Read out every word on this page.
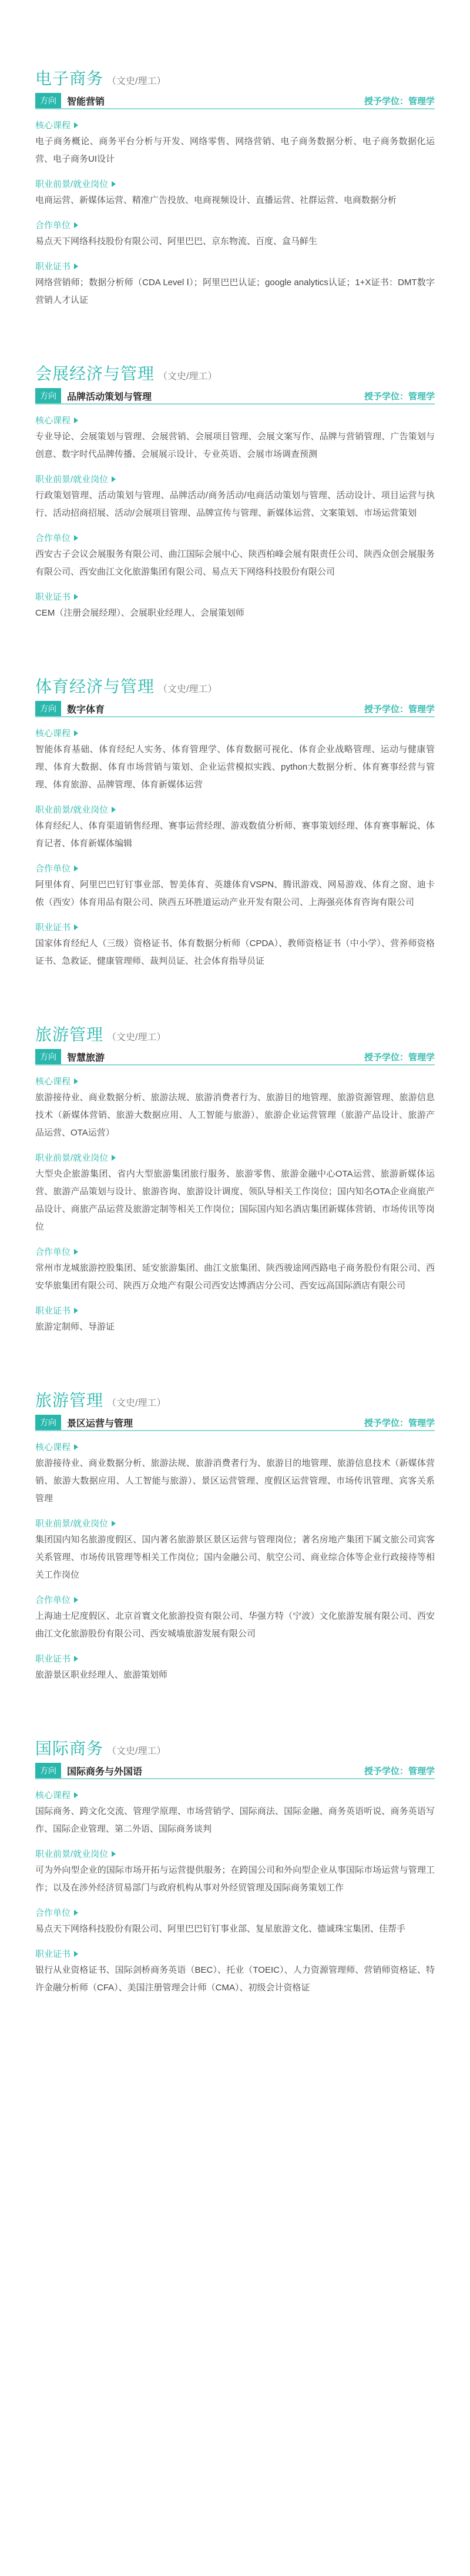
电子商务 （文史/理工）
方向	智能营销	授予学位：管理学
核心课程
电子商务概论、商务平台分析与开发、网络零售、网络营销、电子商务数据分析、电子商务数据化运营、电子商务UI设计
职业前景/就业岗位
电商运营、新媒体运营、精准广告投放、电商视频设计、直播运营、社群运营、电商数据分析
合作单位
易点天下网络科技股份有限公司、阿里巴巴、京东物流、百度、盒马鲜生
职业证书
网络营销师；数据分析师（CDA Level Ⅰ）；阿里巴巴认证；google analytics认证；1+X证书：DMT数字营销人才认证
会展经济与管理 （文史/理工）
方向	品牌活动策划与管理	授予学位：管理学
核心课程
专业导论、会展策划与管理、会展营销、会展项目管理、会展文案写作、品牌与营销管理、广告策划与创意、数字时代品牌传播、会展展示设计、专业英语、会展市场调查预测
职业前景/就业岗位
行政策划管理、活动策划与管理、品牌活动/商务活动/电商活动策划与管理、活动设计、项目运营与执行、活动招商招展、活动/会展项目管理、品牌宣传与管理、新媒体运营、文案策划、市场运营策划
合作单位
西安古子会议会展服务有限公司、曲江国际会展中心、陕西柏峰会展有限责任公司、陕西众创会展服务有限公司、西安曲江文化旅游集团有限公司、易点天下网络科技股份有限公司
职业证书
CEM（注册会展经理）、会展职业经理人、会展策划师
体育经济与管理 （文史/理工）
方向	数字体育	授予学位：管理学
核心课程
智能体育基础、体育经纪人实务、体育管理学、体育数据可视化、体育企业战略管理、运动与健康管理、体育大数据、体育市场营销与策划、企业运营模拟实践、python大数据分析、体育赛事经营与管理、体育旅游、品牌管理、体育新媒体运营
职业前景/就业岗位
体育经纪人、体育渠道销售经理、赛事运营经理、游戏数值分析师、赛事策划经理、体育赛事解说、体育记者、体育新媒体编辑
合作单位
阿里体育、阿里巴巴钉钉事业部、智美体育、英雄体育VSPN、腾讯游戏、网易游戏、体育之窗、迪卡侬（西安）体育用品有限公司、陕西五环胜道运动产业开发有限公司、上海强亮体育咨询有限公司
职业证书
国家体育经纪人（三级）资格证书、体育数据分析师（CPDA）、教师资格证书（中小学）、营养师资格证书、急救证、健康管理师、裁判员证、社会体育指导员证
旅游管理 （文史/理工）
方向	智慧旅游	授予学位：管理学
核心课程
旅游接待业、商业数据分析、旅游法规、旅游消费者行为、旅游目的地管理、旅游资源管理、旅游信息技术（新媒体营销、旅游大数据应用、人工智能与旅游）、旅游企业运营管理（旅游产品设计、旅游产品运营、OTA运营）
职业前景/就业岗位
大型央企旅游集团、省内大型旅游集团旅行服务、旅游零售、旅游金融中心OTA运营、旅游新媒体运营、旅游产品策划与设计、旅游咨询、旅游设计调度、领队导相关工作岗位；国内知名OTA企业商旅产品设计、商旅产品运营及旅游定制等相关工作岗位；国际国内知名酒店集团新媒体营销、市场传讯等岗位
合作单位
常州市龙城旅游控股集团、延安旅游集团、曲江文旅集团、陕西骏途网西路电子商务股份有限公司、西安华旅集团有限公司、陕西万众地产有限公司西安达博酒店分公司、西安远高国际酒店有限公司
职业证书
旅游定制师、导游证
旅游管理 （文史/理工）
方向	景区运营与管理	授予学位：管理学
核心课程
旅游接待业、商业数据分析、旅游法规、旅游消费者行为、旅游目的地管理、旅游信息技术（新媒体营销、旅游大数据应用、人工智能与旅游）、景区运营管理、度假区运营管理、市场传讯管理、宾客关系管理
职业前景/就业岗位
集团国内知名旅游度假区、国内著名旅游景区景区运营与管理岗位；著名房地产集团下属文旅公司宾客关系管理、市场传讯管理等相关工作岗位；国内金融公司、航空公司、商业综合体等企业行政接待等相关工作岗位
合作单位
上海迪士尼度假区、北京首寰文化旅游投资有限公司、华强方特（宁波）文化旅游发展有限公司、西安曲江文化旅游股份有限公司、西安城墙旅游发展有限公司
职业证书
旅游景区职业经理人、旅游策划师
国际商务 （文史/理工）
方向	国际商务与外国语	授予学位：管理学
核心课程
国际商务、跨文化交流、管理学原理、市场营销学、国际商法、国际金融、商务英语听说、商务英语写作、国际企业管理、第二外语、国际商务谈判
职业前景/就业岗位
可为外向型企业的国际市场开拓与运营提供服务；在跨国公司和外向型企业从事国际市场运营与管理工作；以及在涉外经济贸易部门与政府机构从事对外经贸管理及国际商务策划工作
合作单位
易点天下网络科技股份有限公司、阿里巴巴钉钉事业部、复星旅游文化、德诚珠宝集团、佳帮手
职业证书
银行从业资格证书、国际剑桥商务英语（BEC）、托业（TOEIC）、人力资源管理师、营销师资格证、特许金融分析师（CFA）、美国注册管理会计师（CMA）、初级会计资格证
